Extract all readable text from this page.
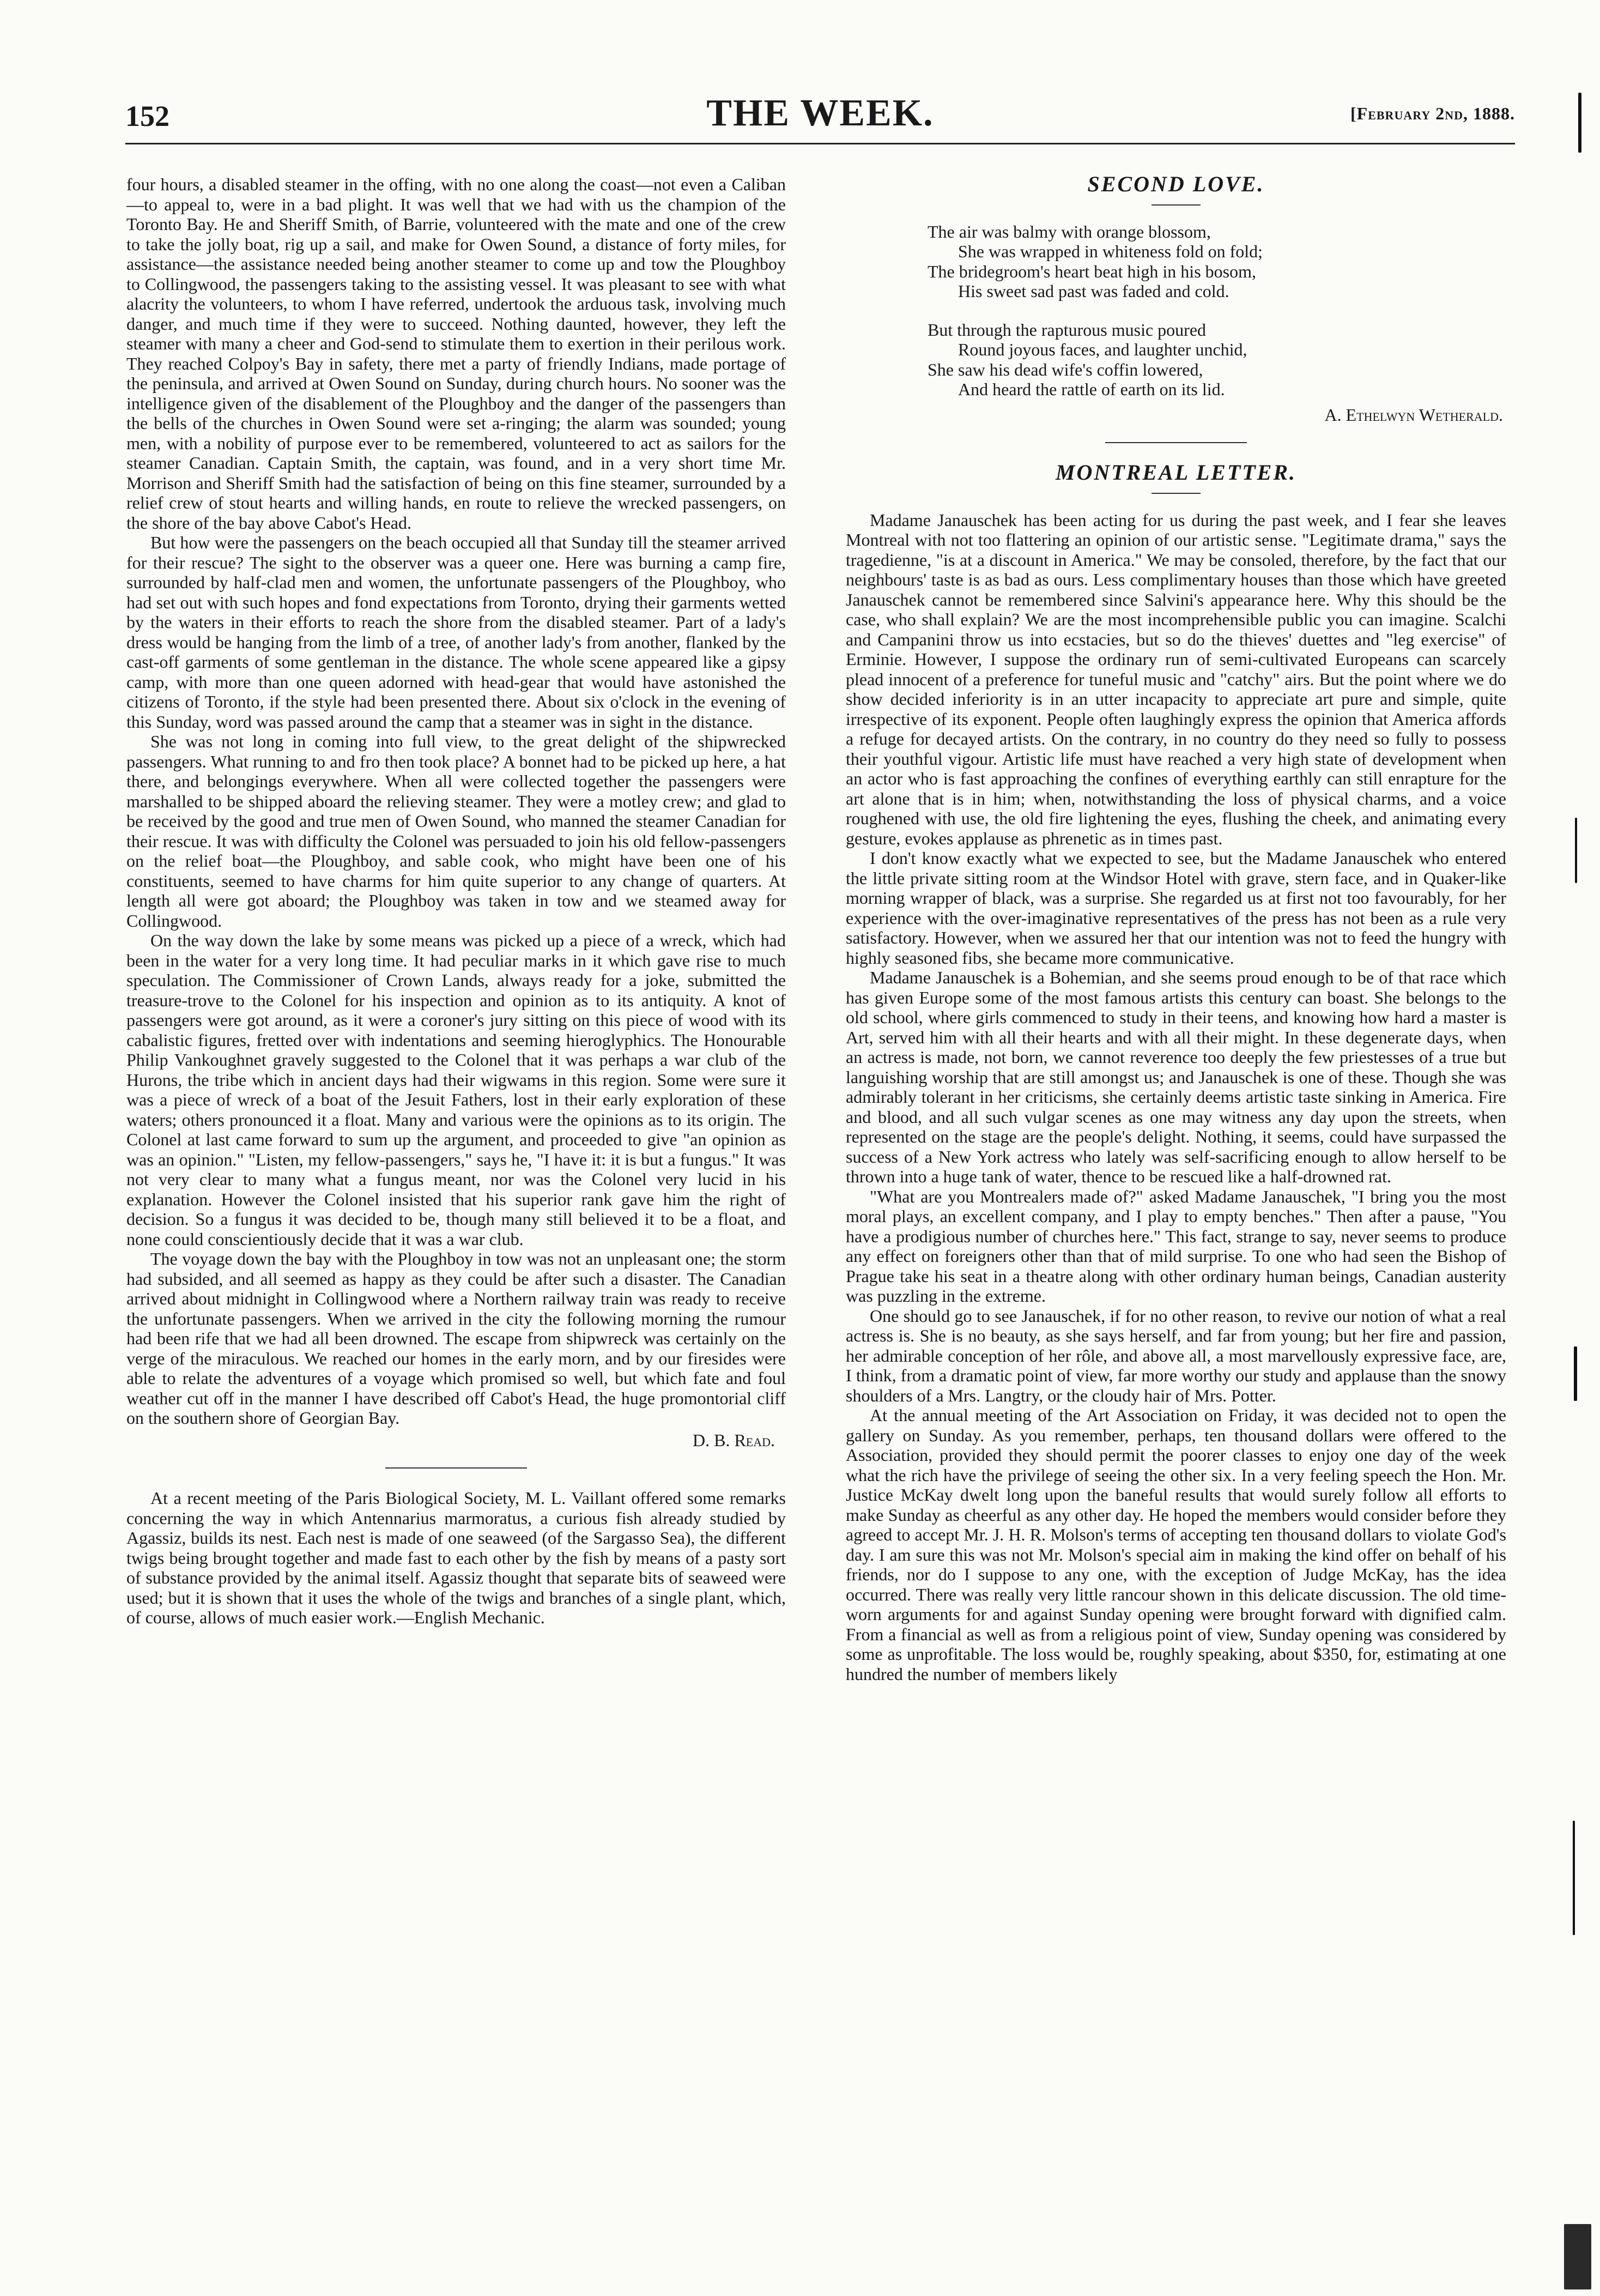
152	THE WEEK.	[February 2nd, 1888.

four hours, a disabled steamer in the offing, with no one along the coast—not even a Caliban—to appeal to, were in a bad plight. It was well that we had with us the champion of the Toronto Bay. He and Sheriff Smith, of Barrie, volunteered with the mate and one of the crew to take the jolly boat, rig up a sail, and make for Owen Sound, a distance of forty miles, for assistance—the assistance needed being another steamer to come up and tow the Ploughboy to Collingwood, the passengers taking to the assisting vessel. It was pleasant to see with what alacrity the volunteers, to whom I have referred, undertook the arduous task, involving much danger, and much time if they were to succeed. Nothing daunted, however, they left the steamer with many a cheer and God-send to stimulate them to exertion in their perilous work. They reached Colpoy's Bay in safety, there met a party of friendly Indians, made portage of the peninsula, and arrived at Owen Sound on Sunday, during church hours. No sooner was the intelligence given of the disablement of the Ploughboy and the danger of the passengers than the bells of the churches in Owen Sound were set a-ringing; the alarm was sounded; young men, with a nobility of purpose ever to be remembered, volunteered to act as sailors for the steamer Canadian. Captain Smith, the captain, was found, and in a very short time Mr. Morrison and Sheriff Smith had the satisfaction of being on this fine steamer, surrounded by a relief crew of stout hearts and willing hands, en route to relieve the wrecked passengers, on the shore of the bay above Cabot's Head.

But how were the passengers on the beach occupied all that Sunday till the steamer arrived for their rescue? The sight to the observer was a queer one. Here was burning a camp fire, surrounded by half-clad men and women, the unfortunate passengers of the Ploughboy, who had set out with such hopes and fond expectations from Toronto, drying their garments wetted by the waters in their efforts to reach the shore from the disabled steamer. Part of a lady's dress would be hanging from the limb of a tree, of another lady's from another, flanked by the cast-off garments of some gentleman in the distance. The whole scene appeared like a gipsy camp, with more than one queen adorned with head-gear that would have astonished the citizens of Toronto, if the style had been presented there. About six o'clock in the evening of this Sunday, word was passed around the camp that a steamer was in sight in the distance.

She was not long in coming into full view, to the great delight of the shipwrecked passengers. What running to and fro then took place? A bonnet had to be picked up here, a hat there, and belongings everywhere. When all were collected together the passengers were marshalled to be shipped aboard the relieving steamer. They were a motley crew; and glad to be received by the good and true men of Owen Sound, who manned the steamer Canadian for their rescue. It was with difficulty the Colonel was persuaded to join his old fellow-passengers on the relief boat—the Ploughboy, and sable cook, who might have been one of his constituents, seemed to have charms for him quite superior to any change of quarters. At length all were got aboard; the Ploughboy was taken in tow and we steamed away for Collingwood.

On the way down the lake by some means was picked up a piece of a wreck, which had been in the water for a very long time. It had peculiar marks in it which gave rise to much speculation. The Commissioner of Crown Lands, always ready for a joke, submitted the treasure-trove to the Colonel for his inspection and opinion as to its antiquity. A knot of passengers were got around, as it were a coroner's jury sitting on this piece of wood with its cabalistic figures, fretted over with indentations and seeming hieroglyphics. The Honourable Philip Vankoughnet gravely suggested to the Colonel that it was perhaps a war club of the Hurons, the tribe which in ancient days had their wigwams in this region. Some were sure it was a piece of wreck of a boat of the Jesuit Fathers, lost in their early exploration of these waters; others pronounced it a float. Many and various were the opinions as to its origin. The Colonel at last came forward to sum up the argument, and proceeded to give "an opinion as was an opinion." "Listen, my fellow-passengers," says he, "I have it: it is but a fungus." It was not very clear to many what a fungus meant, nor was the Colonel very lucid in his explanation. However the Colonel insisted that his superior rank gave him the right of decision. So a fungus it was decided to be, though many still believed it to be a float, and none could conscientiously decide that it was a war club.

The voyage down the bay with the Ploughboy in tow was not an unpleasant one; the storm had subsided, and all seemed as happy as they could be after such a disaster. The Canadian arrived about midnight in Collingwood where a Northern railway train was ready to receive the unfortunate passengers. When we arrived in the city the following morning the rumour had been rife that we had all been drowned. The escape from shipwreck was certainly on the verge of the miraculous. We reached our homes in the early morn, and by our firesides were able to relate the adventures of a voyage which promised so well, but which fate and foul weather cut off in the manner I have described off Cabot's Head, the huge promontorial cliff on the southern shore of Georgian Bay.

D. B. Read.

At a recent meeting of the Paris Biological Society, M. L. Vaillant offered some remarks concerning the way in which Antennarius marmoratus, a curious fish already studied by Agassiz, builds its nest. Each nest is made of one seaweed (of the Sargasso Sea), the different twigs being brought together and made fast to each other by the fish by means of a pasty sort of substance provided by the animal itself. Agassiz thought that separate bits of seaweed were used; but it is shown that it uses the whole of the twigs and branches of a single plant, which, of course, allows of much easier work.—English Mechanic.

SECOND LOVE.
The air was balmy with orange blossom,
She was wrapped in whiteness fold on fold;
The bridegroom's heart beat high in his bosom,
His sweet sad past was faded and cold.
But through the rapturous music poured
Round joyous faces, and laughter unchid,
She saw his dead wife's coffin lowered,
And heard the rattle of earth on its lid.
A. Ethelwyn Wetherald.
MONTREAL LETTER.

Madame Janauschek has been acting for us during the past week, and I fear she leaves Montreal with not too flattering an opinion of our artistic sense. "Legitimate drama," says the tragedienne, "is at a discount in America." We may be consoled, therefore, by the fact that our neighbours' taste is as bad as ours. Less complimentary houses than those which have greeted Janauschek cannot be remembered since Salvini's appearance here. Why this should be the case, who shall explain? We are the most incomprehensible public you can imagine. Scalchi and Campanini throw us into ecstacies, but so do the thieves' duettes and "leg exercise" of Erminie. However, I suppose the ordinary run of semi-cultivated Europeans can scarcely plead innocent of a preference for tuneful music and "catchy" airs. But the point where we do show decided inferiority is in an utter incapacity to appreciate art pure and simple, quite irrespective of its exponent. People often laughingly express the opinion that America affords a refuge for decayed artists. On the contrary, in no country do they need so fully to possess their youthful vigour. Artistic life must have reached a very high state of development when an actor who is fast approaching the confines of everything earthly can still enrapture for the art alone that is in him; when, notwithstanding the loss of physical charms, and a voice roughened with use, the old fire lightening the eyes, flushing the cheek, and animating every gesture, evokes applause as phrenetic as in times past.

I don't know exactly what we expected to see, but the Madame Janauschek who entered the little private sitting room at the Windsor Hotel with grave, stern face, and in Quaker-like morning wrapper of black, was a surprise. She regarded us at first not too favourably, for her experience with the over-imaginative representatives of the press has not been as a rule very satisfactory. However, when we assured her that our intention was not to feed the hungry with highly seasoned fibs, she became more communicative.

Madame Janauschek is a Bohemian, and she seems proud enough to be of that race which has given Europe some of the most famous artists this century can boast. She belongs to the old school, where girls commenced to study in their teens, and knowing how hard a master is Art, served him with all their hearts and with all their might. In these degenerate days, when an actress is made, not born, we cannot reverence too deeply the few priestesses of a true but languishing worship that are still amongst us; and Janauschek is one of these. Though she was admirably tolerant in her criticisms, she certainly deems artistic taste sinking in America. Fire and blood, and all such vulgar scenes as one may witness any day upon the streets, when represented on the stage are the people's delight. Nothing, it seems, could have surpassed the success of a New York actress who lately was self-sacrificing enough to allow herself to be thrown into a huge tank of water, thence to be rescued like a half-drowned rat.

"What are you Montrealers made of?" asked Madame Janauschek, "I bring you the most moral plays, an excellent company, and I play to empty benches." Then after a pause, "You have a prodigious number of churches here." This fact, strange to say, never seems to produce any effect on foreigners other than that of mild surprise. To one who had seen the Bishop of Prague take his seat in a theatre along with other ordinary human beings, Canadian austerity was puzzling in the extreme.

One should go to see Janauschek, if for no other reason, to revive our notion of what a real actress is. She is no beauty, as she says herself, and far from young; but her fire and passion, her admirable conception of her rôle, and above all, a most marvellously expressive face, are, I think, from a dramatic point of view, far more worthy our study and applause than the snowy shoulders of a Mrs. Langtry, or the cloudy hair of Mrs. Potter.

At the annual meeting of the Art Association on Friday, it was decided not to open the gallery on Sunday. As you remember, perhaps, ten thousand dollars were offered to the Association, provided they should permit the poorer classes to enjoy one day of the week what the rich have the privilege of seeing the other six. In a very feeling speech the Hon. Mr. Justice McKay dwelt long upon the baneful results that would surely follow all efforts to make Sunday as cheerful as any other day. He hoped the members would consider before they agreed to accept Mr. J. H. R. Molson's terms of accepting ten thousand dollars to violate God's day. I am sure this was not Mr. Molson's special aim in making the kind offer on behalf of his friends, nor do I suppose to any one, with the exception of Judge McKay, has the idea occurred. There was really very little rancour shown in this delicate discussion. The old time-worn arguments for and against Sunday opening were brought forward with dignified calm. From a financial as well as from a religious point of view, Sunday opening was considered by some as unprofitable. The loss would be, roughly speaking, about $350, for, estimating at one hundred the number of members likely
